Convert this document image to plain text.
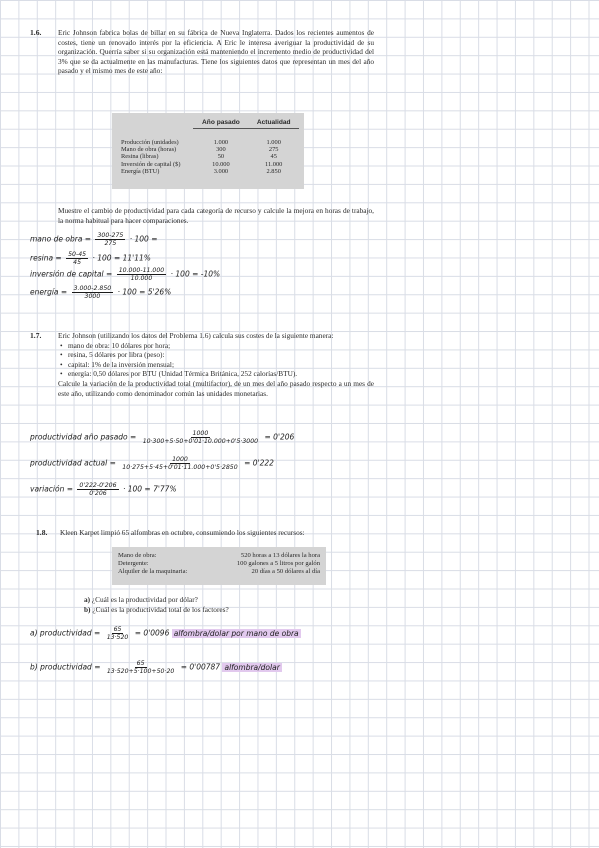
1.6. Eric Johnson fabrica bolas de billar en su fábrica de Nueva Inglaterra. Dados los recientes aumentos de costes, tiene un renovado interés por la eficiencia. A Eric le interesa averiguar la productividad de su organización. Querría saber si su organización está manteniendo el incremento medio de productividad del 3% que se da actualmente en las manufacturas. Tiene los siguientes datos que representan un mes del año pasado y el mismo mes de este año:
	Año pasado	Actualidad

Producción (unidades)	1.000	1.000
Mano de obra (horas)	300	275
Resina (libras)	50	45
Inversión de capital ($)	10.000	11.000
Energía (BTU)	3.000	2.850
Muestre el cambio de productividad para cada categoría de recurso y calcule la mejora en horas de trabajo, la norma habitual para hacer comparaciones.
mano de obra = $\frac{300-275}{275} \cdot 100$ =
$resina = \frac{50-45}{45} \cdot 100 = 11'11\%$
inversión de capital = $\frac{10.000-11.000}{10.000} \cdot 100 = -10\%$
energía = $\frac{3.000-2.850}{3000} \cdot 100 = 5'26\%$
1.7. Eric Johnson (utilizando los datos del Problema 1.6) calcula sus costes de la siguiente manera:
• mano de obra: 10 dólares por hora;
• resina, 5 dólares por libra (peso):
• capital: 1% de la inversión mensual;
• energía: 0,50 dólares por BTU (Unidad Térmica Británica, 252 calorías/BTU).
Calcule la variación de la productividad total (multifactor), de un mes del año pasado respecto a un mes de este año, utilizando como denominador común las unidades monetarias.
productividad año pasado = $\frac{1000}{10\cdot 300+5\cdot 50+0'01\cdot 10.000+0'5\cdot 3000} = 0'206$
productividad actual = $\frac{1000}{10\cdot 275+5\cdot 45+0'01\cdot 11.000+0'5\cdot 2850} = 0'222$
variación = $\frac{0'222-0'206}{0'206} \cdot 100 = 7'77\%$
1.8. Kleen Karpet limpió 65 alfombras en octubre, consumiendo los siguientes recursos:
Mano de obra:	520 horas a 13 dólares la hora
Detergente:	100 galones a 5 litros por galón
Alquiler de la maquinaria:	20 días a 50 dólares al día
a) ¿Cuál es la productividad por dólar?
b) ¿Cuál es la productividad total de los factores?
a) productividad = $\frac{65}{13\cdot 520} = 0'0096$ alfombra/dolar por mano de obra
b) productividad = $\frac{65}{13\cdot 520+5\cdot 100+50\cdot 20} = 0'00787$ alfombra/dolar
